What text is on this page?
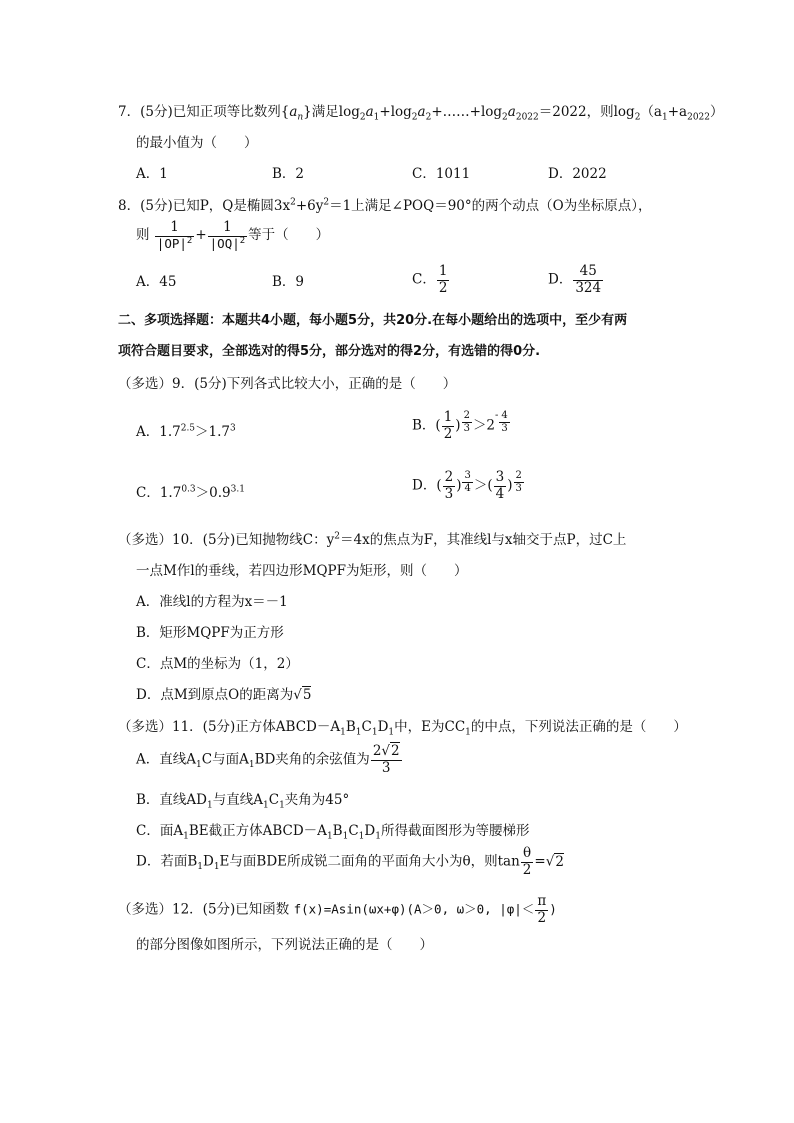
7．(5分)已知正项等比数列$\{a_n\}$满足$\log_2a_1+\log_2a_2+\dots\dots+\log_2a_{2022}=2022$，则$\log_2(a_1+a_{2022})$
的最小值为（　　）
A．1	B．2	C．1011	D．2022
8．(5分)已知P，Q是椭圆$3x^2+6y^2=1$上满足∠POQ＝90°的两个动点（O为坐标原点），
则 $\frac{1}{|OP|^2} + \frac{1}{|OQ|^2}$ 等于（　　）
A．45	B．9	C． $\frac{1}{2}$	D． $\frac{45}{324}$
二、多项选择题：本题共4小题，每小题5分，共20分.在每小题给出的选项中，至少有两
项符合题目要求，全部选对的得5分，部分选对的得2分，有选错的得0分.
（多选）9．(5分)下列各式比较大小，正确的是（　　）
A．$1.7^{2.5}>1.7^3$	B．( $\frac{1}{2}$ ) $\frac{2}{3} >2^- \frac{4}{3}$
C．$1.7^{0.3}>0.9^{3.1}$	D．( $\frac{2}{3}$ ) $\frac{3}{4}$ ＞( $\frac{3}{4}$ ) $\frac{2}{3}$
（多选）10．(5分)已知抛物线C：$y^2=4x$的焦点为F，其准线l与x轴交于点P，过C上
一点M作l的垂线，若四边形MQPF为矩形，则（　　）
A．准线l的方程为x＝－1
B．矩形MQPF为正方形
C．点M的坐标为（1，2）
D．点M到原点O的距离为√5
（多选）11．(5分)正方体$ABCD-A_1B_1C_1D_1$中，E为$CC_1$的中点，下列说法正确的是（　　）
A．直线$A_1C$与面$A_1BD$夹角的余弦值为 $\frac{2√2}{3}$
B．直线$AD_1$与直线$A_1C_1$夹角为45°
C．面$A_1BE$截正方体$ABCD-A_1B_1C_1D_1$所得截面图形为等腰梯形
D．若面$B_1D_1E$与面BDE所成锐二面角的平面角大小为θ，则$\tan \frac{\theta}{2} =√2$
（多选）12．(5分)已知函数 f(x)=Asin(ωx+φ)(A＞0, ω＞0, $|\varphi|< \frac{\pi}{2}$ )
的部分图像如图所示，下列说法正确的是（　　）
